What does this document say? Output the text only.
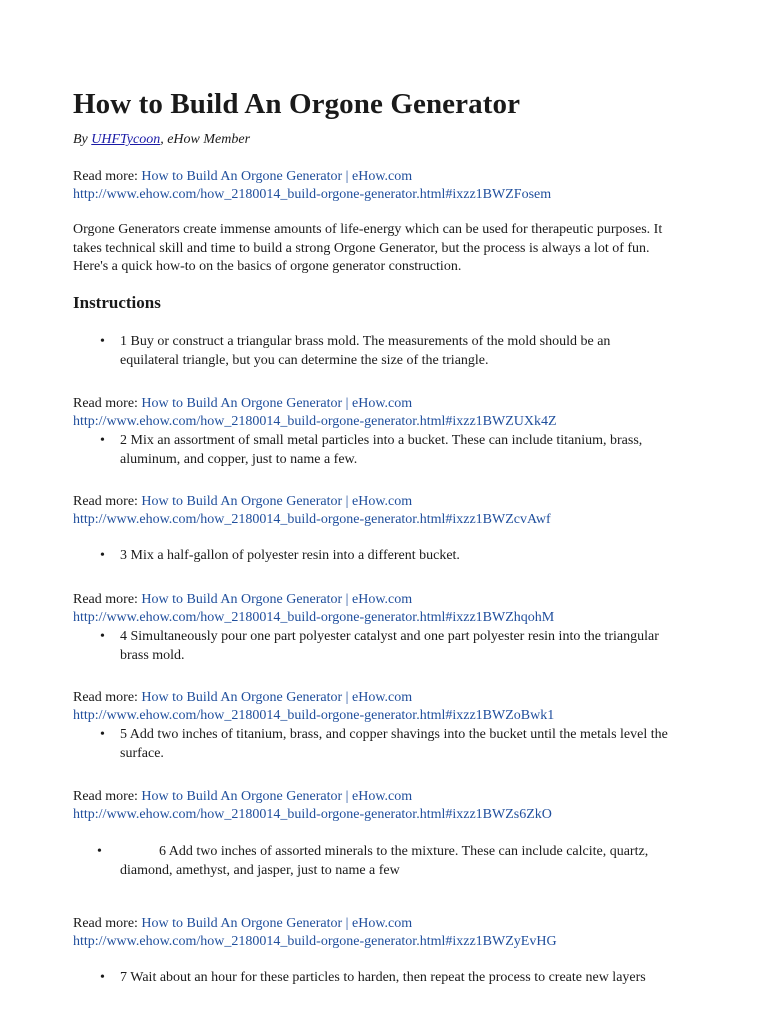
How to Build An Orgone Generator
By UHFTycoon, eHow Member
Read more: How to Build An Orgone Generator | eHow.com
http://www.ehow.com/how_2180014_build-orgone-generator.html#ixzz1BWZFosem
Orgone Generators create immense amounts of life-energy which can be used for therapeutic purposes. It takes technical skill and time to build a strong Orgone Generator, but the process is always a lot of fun. Here's a quick how-to on the basics of orgone generator construction.
Instructions
•	1 Buy or construct a triangular brass mold. The measurements of the mold should be an equilateral triangle, but you can determine the size of the triangle.
Read more: How to Build An Orgone Generator | eHow.com
http://www.ehow.com/how_2180014_build-orgone-generator.html#ixzz1BWZUXk4Z
•	2 Mix an assortment of small metal particles into a bucket. These can include titanium, brass, aluminum, and copper, just to name a few.
Read more: How to Build An Orgone Generator | eHow.com
http://www.ehow.com/how_2180014_build-orgone-generator.html#ixzz1BWZcvAwf
•	3 Mix a half-gallon of polyester resin into a different bucket.
Read more: How to Build An Orgone Generator | eHow.com
http://www.ehow.com/how_2180014_build-orgone-generator.html#ixzz1BWZhqohM
•	4 Simultaneously pour one part polyester catalyst and one part polyester resin into the triangular brass mold.
Read more: How to Build An Orgone Generator | eHow.com
http://www.ehow.com/how_2180014_build-orgone-generator.html#ixzz1BWZoBwk1
•	5 Add two inches of titanium, brass, and copper shavings into the bucket until the metals level the surface.
Read more: How to Build An Orgone Generator | eHow.com
http://www.ehow.com/how_2180014_build-orgone-generator.html#ixzz1BWZs6ZkO
•	6 Add two inches of assorted minerals to the mixture. These can include calcite, quartz, diamond, amethyst, and jasper, just to name a few
Read more: How to Build An Orgone Generator | eHow.com
http://www.ehow.com/how_2180014_build-orgone-generator.html#ixzz1BWZyEvHG
•	7 Wait about an hour for these particles to harden, then repeat the process to create new layers
